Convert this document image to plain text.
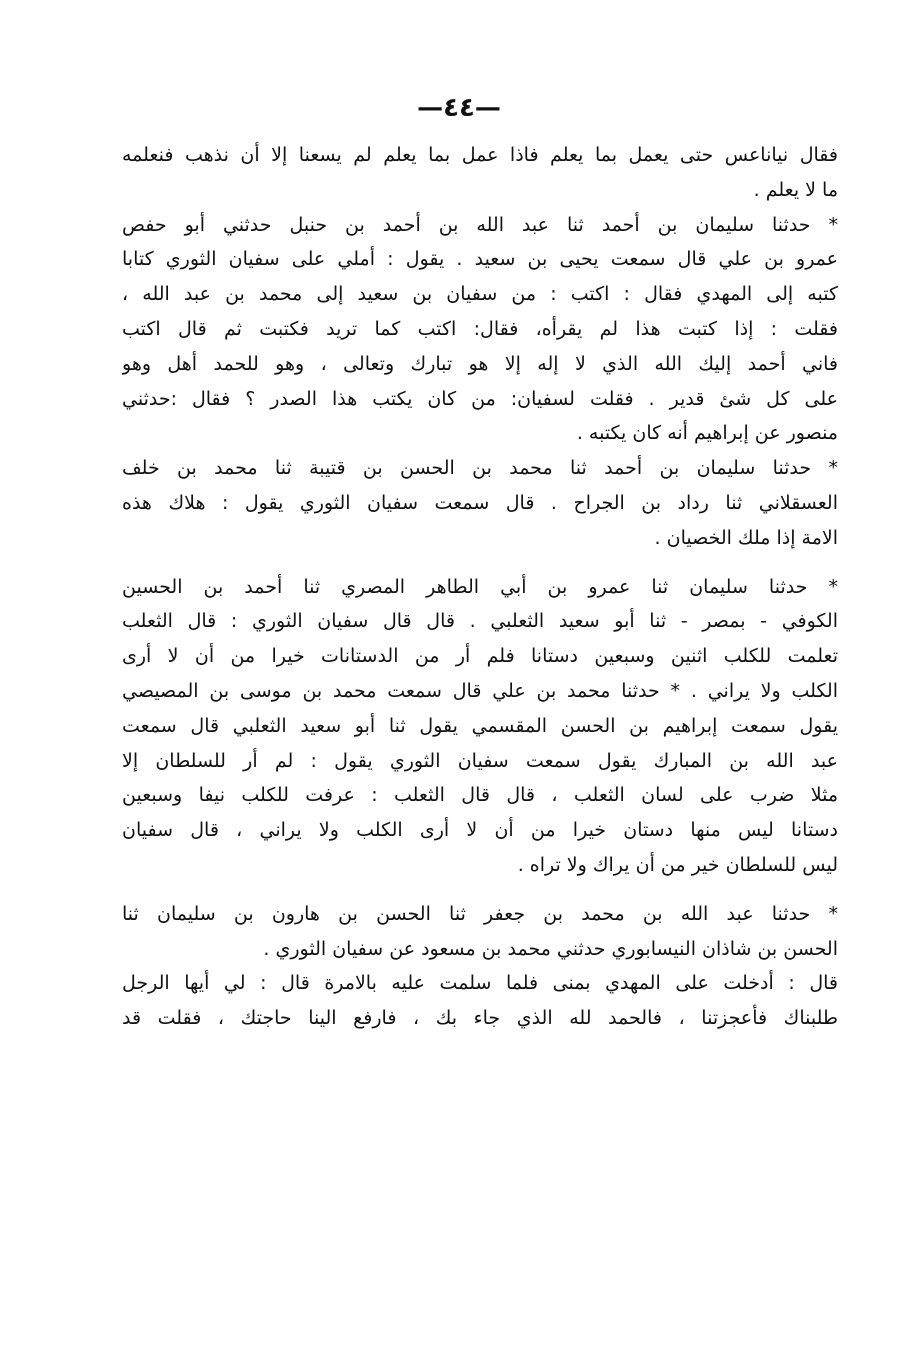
—٤٤—
فقال نياناعس حتى يعمل بما يعلم فاذا عمل بما يعلم لم يسعنا إلا أن نذهب فنعلمه
ما لا يعلم .
* حدثنا سليمان بن أحمد ثنا عبد الله بن أحمد بن حنبل حدثني أبو حفص
عمرو بن علي قال سمعت يحيى بن سعيد . يقول : أملي على سفيان الثوري كتابا
كتبه إلى المهدي فقال : اكتب : من سفيان بن سعيد إلى محمد بن عبد الله ،
فقلت : إذا كتبت هذا لم يقرأه، فقال: اكتب كما تريد فكتبت ثم قال اكتب
فاني أحمد إليك الله الذي لا إله إلا هو تبارك وتعالى ، وهو للحمد أهل وهو
على كل شئ قدير . فقلت لسفيان: من كان يكتب هذا الصدر ؟ فقال :حدثني
منصور عن إبراهيم أنه كان يكتبه .
* حدثنا سليمان بن أحمد ثنا محمد بن الحسن بن قتيبة ثنا محمد بن خلف
العسقلاني ثنا رداد بن الجراح . قال سمعت سفيان الثوري يقول : هلاك هذه
الامة إذا ملك الخصيان .
* حدثنا سليمان ثنا عمرو بن أبي الطاهر المصري ثنا أحمد بن الحسين
الكوفي - بمصر - ثنا أبو سعيد الثعلبي . قال قال سفيان الثوري : قال الثعلب
تعلمت للكلب اثنين وسبعين دستانا فلم أر من الدستانات خيرا من أن لا أرى
الكلب ولا يراني . * حدثنا محمد بن علي قال سمعت محمد بن موسى بن المصيصي
يقول سمعت إبراهيم بن الحسن المقسمي يقول ثنا أبو سعيد الثعلبي قال سمعت
عبد الله بن المبارك يقول سمعت سفيان الثوري يقول : لم أر للسلطان إلا
مثلا ضرب على لسان الثعلب ، قال قال الثعلب : عرفت للكلب نيفا وسبعين
دستانا ليس منها دستان خيرا من أن لا أرى الكلب ولا يراني ، قال سفيان
ليس للسلطان خير من أن يراك ولا تراه .
* حدثنا عبد الله بن محمد بن جعفر ثنا الحسن بن هارون بن سليمان ثنا
الحسن بن شاذان النيسابوري حدثني محمد بن مسعود عن سفيان الثوري .
قال : أدخلت على المهدي بمنى فلما سلمت عليه بالامرة قال : لي أيها الرجل
طلبناك فأعجزتنا ، فالحمد لله الذي جاء بك ، فارفع الينا حاجتك ، فقلت قد
